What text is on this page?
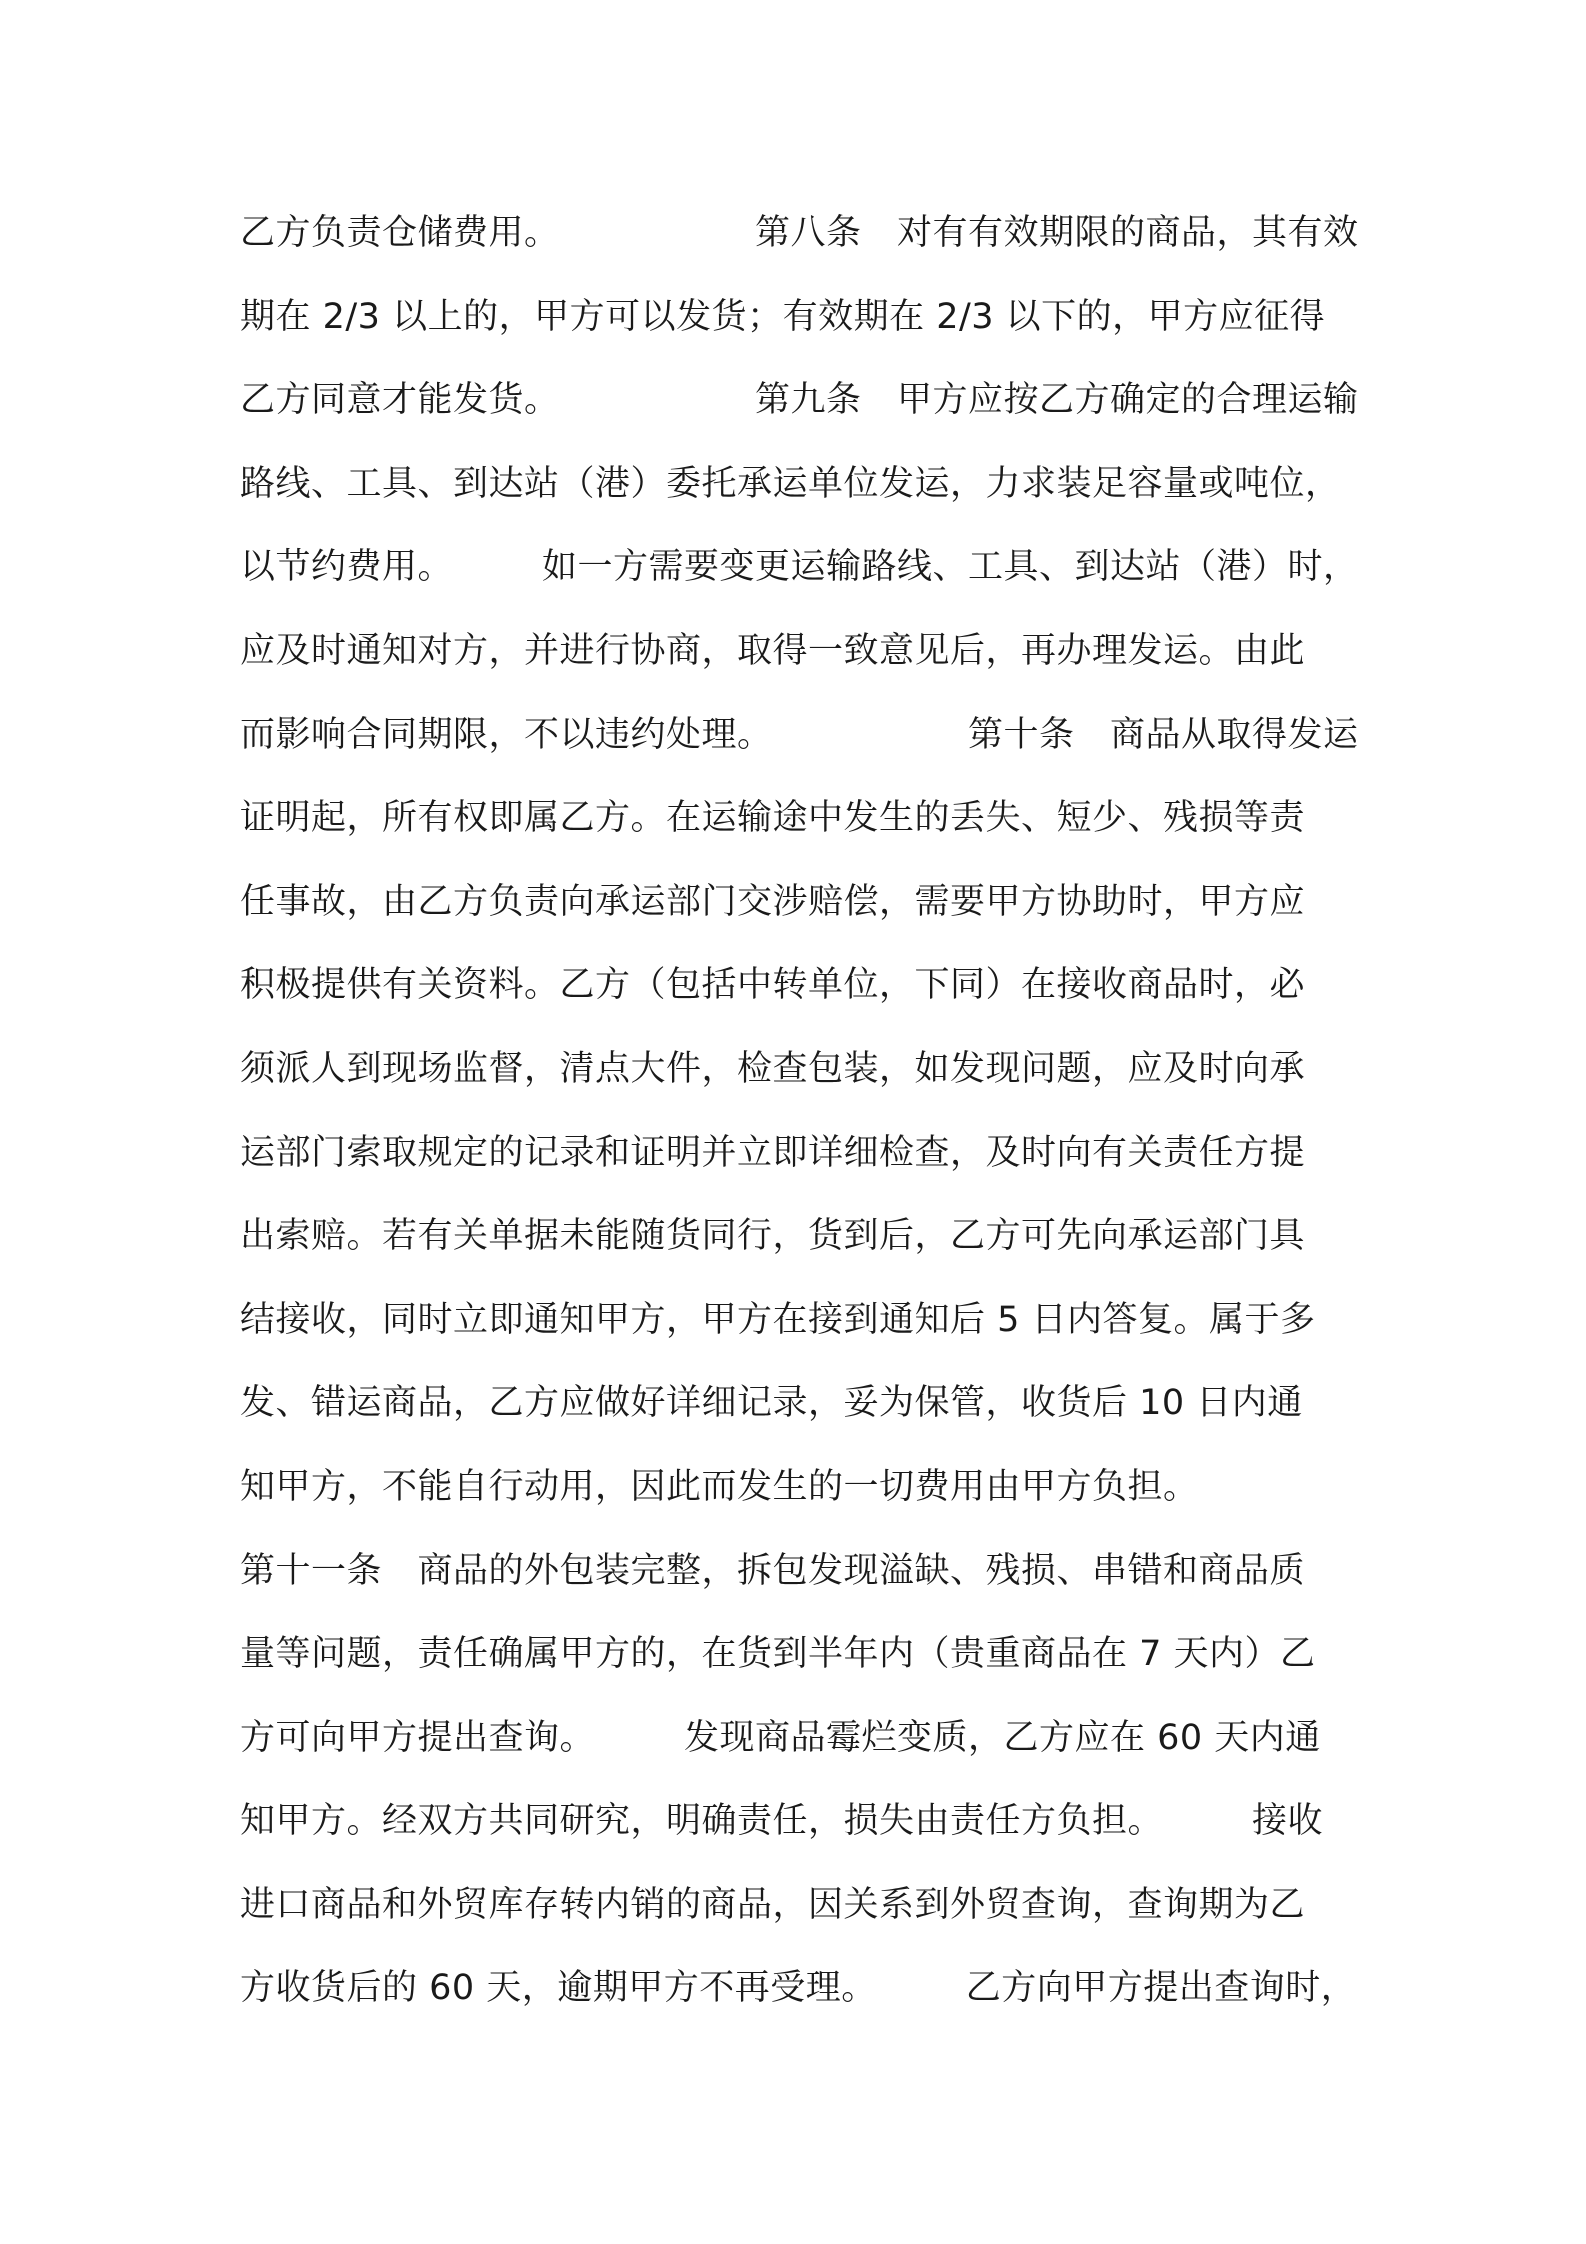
乙方负责仓储费用。　　　　　　第八条　对有有效期限的商品，其有效
期在 2/3 以上的，甲方可以发货；有效期在 2/3 以下的，甲方应征得
乙方同意才能发货。　　　　　　第九条　甲方应按乙方确定的合理运输
路线、工具、到达站（港）委托承运单位发运，力求装足容量或吨位，
以节约费用。　　　如一方需要变更运输路线、工具、到达站（港）时，
应及时通知对方，并进行协商，取得一致意见后，再办理发运。由此
而影响合同期限，不以违约处理。　　　　　　第十条　商品从取得发运
证明起，所有权即属乙方。在运输途中发生的丢失、短少、残损等责
任事故，由乙方负责向承运部门交涉赔偿，需要甲方协助时，甲方应
积极提供有关资料。乙方（包括中转单位，下同）在接收商品时，必
须派人到现场监督，清点大件，检查包装，如发现问题，应及时向承
运部门索取规定的记录和证明并立即详细检查，及时向有关责任方提
出索赔。若有关单据未能随货同行，货到后，乙方可先向承运部门具
结接收，同时立即通知甲方，甲方在接到通知后 5 日内答复。属于多
发、错运商品，乙方应做好详细记录，妥为保管，收货后 10 日内通
知甲方，不能自行动用，因此而发生的一切费用由甲方负担。
第十一条　商品的外包装完整，拆包发现溢缺、残损、串错和商品质
量等问题，责任确属甲方的，在货到半年内（贵重商品在 7 天内）乙
方可向甲方提出查询。　　　发现商品霉烂变质，乙方应在 60 天内通
知甲方。经双方共同研究，明确责任，损失由责任方负担。　　　接收
进口商品和外贸库存转内销的商品，因关系到外贸查询，查询期为乙
方收货后的 60 天，逾期甲方不再受理。　　　乙方向甲方提出查询时，
